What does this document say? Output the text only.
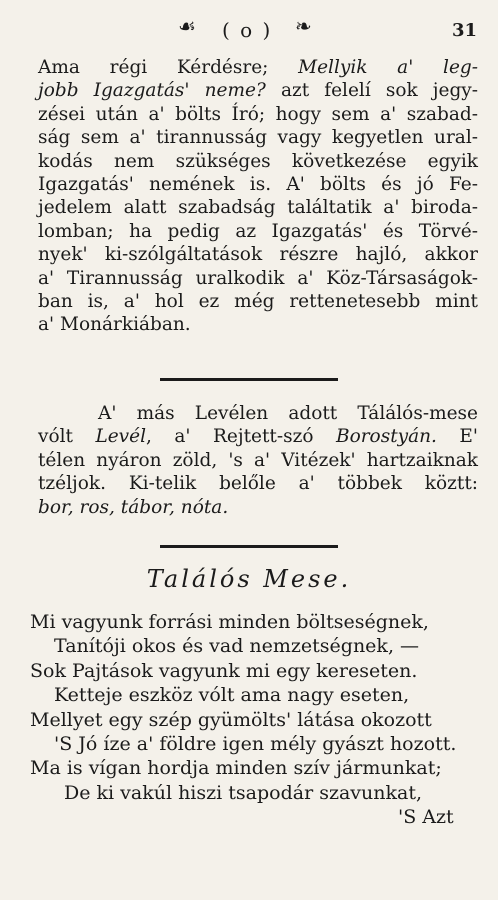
☙ ( o ) ❧	31
Ama régi Kérdésre; Mellyik a' leg-
jobb Igazgatás' neme? azt felelí sok jegy-
zései után a' bölts Író; hogy sem a' szabad-
ság sem a' tirannusság vagy kegyetlen ural-
kodás nem szükséges következése egyik
Igazgatás' nemének is. A' bölts és jó Fe-
jedelem alatt szabadság találtatik a' biroda-
lomban; ha pedig az Igazgatás' és Törvé-
nyek' ki-szólgáltatások részre hajló, akkor
a' Tirannusság uralkodik a' Köz-Társaságok-
ban is, a' hol ez még rettenetesebb mint
a' Monárkiában.
A' más Levélen adott Tálálós-mese
vólt Levél, a' Rejtett-szó Borostyán. E'
télen nyáron zöld, 's a' Vitézek' hartzaiknak
tzéljok. Ki-telik belőle a' többek köztt:
bor, ros, tábor, nóta.
Találós Mese.
Mi vagyunk forrási minden böltseségnek,
Tanítóji okos és vad nemzetségnek, —
Sok Pajtások vagyunk mi egy kereseten.
Ketteje eszköz vólt ama nagy eseten,
Mellyet egy szép gyümölts' látása okozott
'S Jó íze a' földre igen mély gyászt hozott.
Ma is vígan hordja minden szív jármunkat;
De ki vakúl hiszi tsapodár szavunkat,
'S Azt
